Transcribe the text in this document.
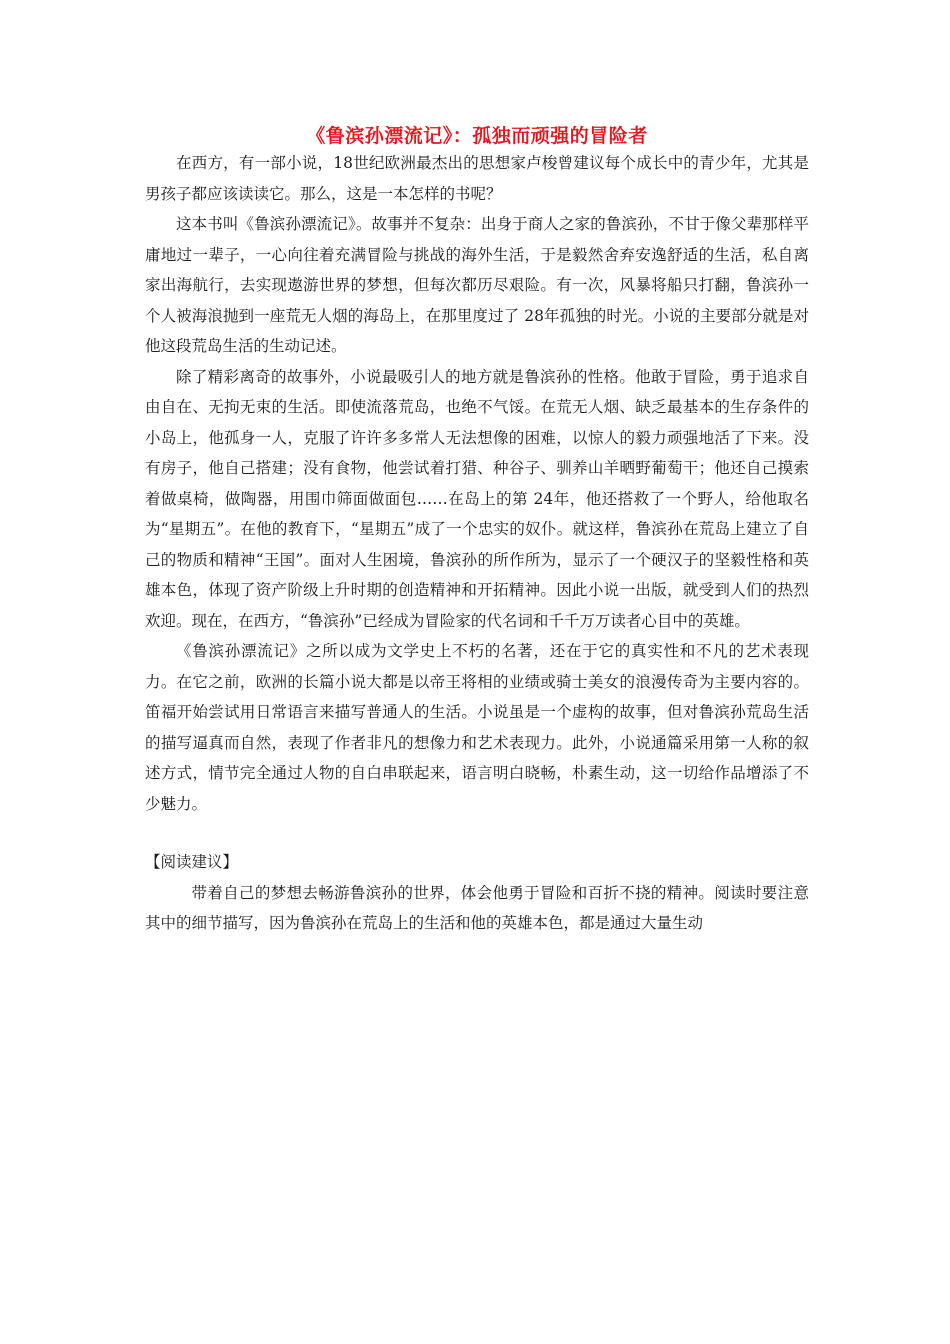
《鲁滨孙漂流记》：孤独而顽强的冒险者

在西方，有一部小说，18世纪欧洲最杰出的思想家卢梭曾建议每个成长中的青少年，尤其是男孩子都应该读读它。那么，这是一本怎样的书呢？

这本书叫《鲁滨孙漂流记》。故事并不复杂：出身于商人之家的鲁滨孙，不甘于像父辈那样平庸地过一辈子，一心向往着充满冒险与挑战的海外生活，于是毅然舍弃安逸舒适的生活，私自离家出海航行，去实现遨游世界的梦想，但每次都历尽艰险。有一次，风暴将船只打翻，鲁滨孙一个人被海浪抛到一座荒无人烟的海岛上，在那里度过了 28年孤独的时光。小说的主要部分就是对他这段荒岛生活的生动记述。

除了精彩离奇的故事外，小说最吸引人的地方就是鲁滨孙的性格。他敢于冒险，勇于追求自由自在、无拘无束的生活。即使流落荒岛，也绝不气馁。在荒无人烟、缺乏最基本的生存条件的小岛上，他孤身一人，克服了许许多多常人无法想像的困难，以惊人的毅力顽强地活了下来。没有房子，他自己搭建；没有食物，他尝试着打猎、种谷子、驯养山羊晒野葡萄干；他还自己摸索着做桌椅，做陶器，用围巾筛面做面包……在岛上的第 24年，他还搭救了一个野人，给他取名为“星期五”。在他的教育下，“星期五”成了一个忠实的奴仆。就这样，鲁滨孙在荒岛上建立了自己的物质和精神“王国”。面对人生困境，鲁滨孙的所作所为，显示了一个硬汉子的坚毅性格和英雄本色，体现了资产阶级上升时期的创造精神和开拓精神。因此小说一出版，就受到人们的热烈欢迎。现在，在西方，“鲁滨孙”已经成为冒险家的代名词和千千万万读者心目中的英雄。

《鲁滨孙漂流记》之所以成为文学史上不朽的名著，还在于它的真实性和不凡的艺术表现力。在它之前，欧洲的长篇小说大都是以帝王将相的业绩或骑士美女的浪漫传奇为主要内容的。笛福开始尝试用日常语言来描写普通人的生活。小说虽是一个虚构的故事，但对鲁滨孙荒岛生活的描写逼真而自然，表现了作者非凡的想像力和艺术表现力。此外，小说通篇采用第一人称的叙述方式，情节完全通过人物的自白串联起来，语言明白晓畅，朴素生动，这一切给作品增添了不少魅力。

【阅读建议】

带着自己的梦想去畅游鲁滨孙的世界，体会他勇于冒险和百折不挠的精神。阅读时要注意其中的细节描写，因为鲁滨孙在荒岛上的生活和他的英雄本色，都是通过大量生动
